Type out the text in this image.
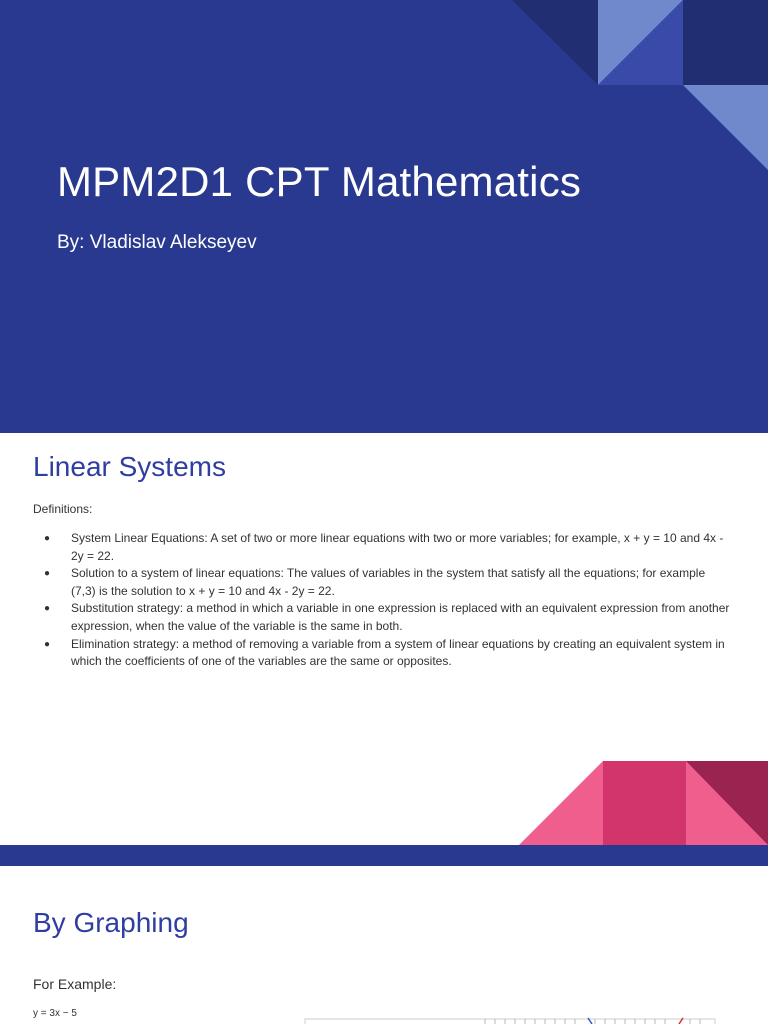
MPM2D1 CPT Mathematics
By: Vladislav Alekseyev
Linear Systems
Definitions:
● System Linear Equations: A set of two or more linear equations with two or more variables; for example, x + y = 10 and 4x - 2y = 22.
● Solution to a system of linear equations: The values of variables in the system that satisfy all the equations; for example (7,3) is the solution to x + y = 10 and 4x - 2y = 22.
● Substitution strategy: a method in which a variable in one expression is replaced with an equivalent expression from another expression, when the value of the variable is the same in both.
● Elimination strategy: a method of removing a variable from a system of linear equations by creating an equivalent system in which the coefficients of one of the variables are the same or opposites.
By Graphing
For Example:
y = 3x − 5
